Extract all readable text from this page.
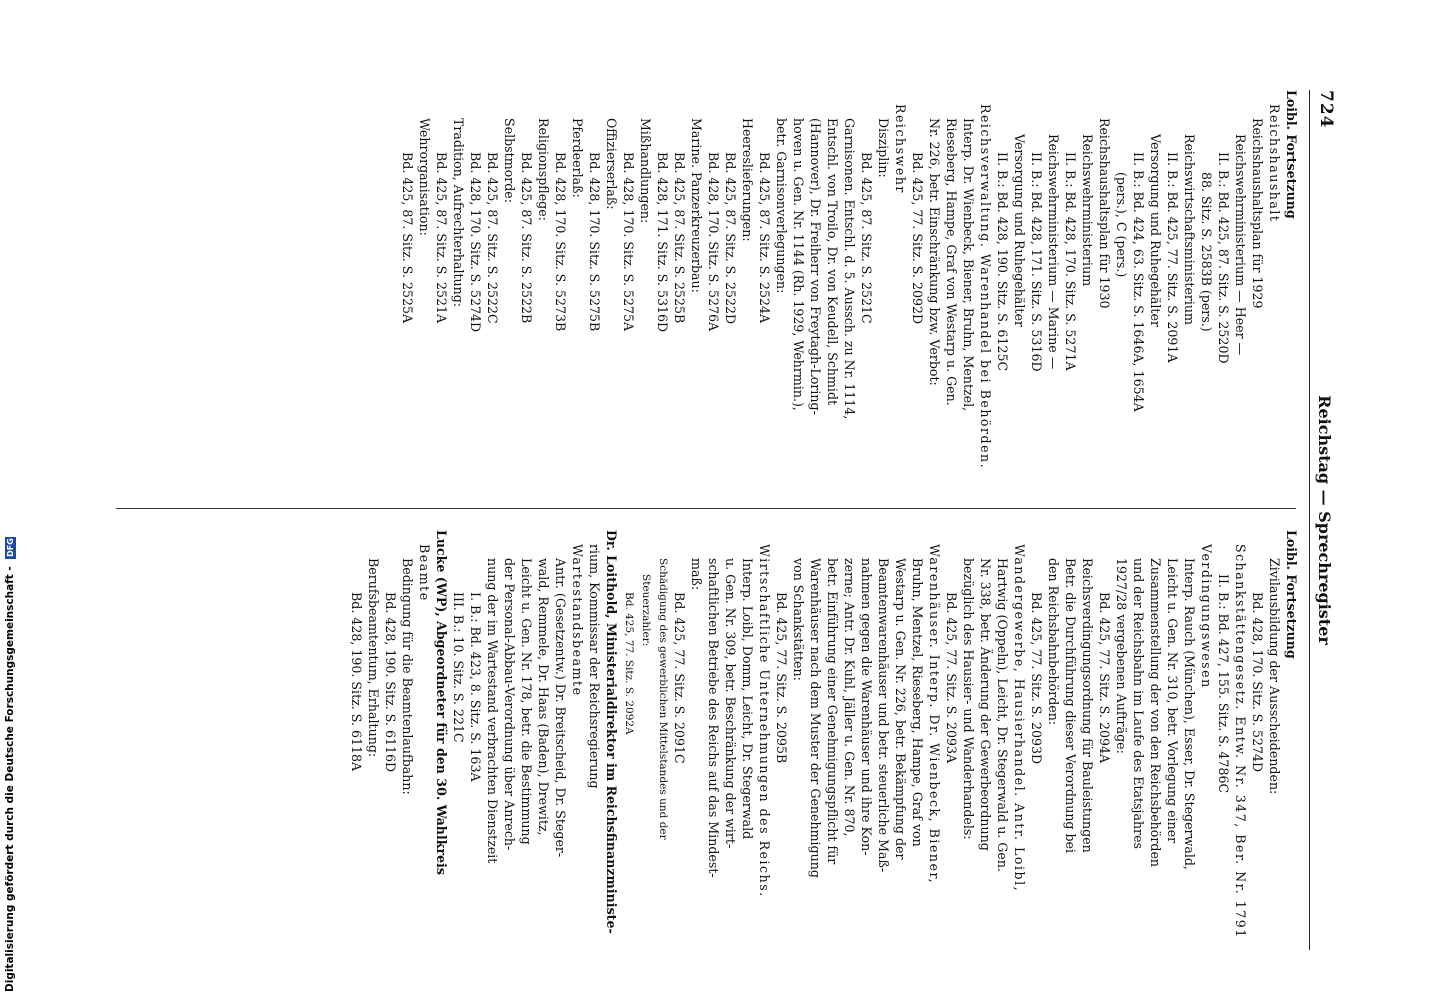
724
Reichstag — Sprechregister
Loibl. Fortsetzung
Reichshaushalt
Reichshaushaltsplan für 1929
Reichswehrministerium — Heer —
II. B.: Bd. 425, 87. Sitz. S. 2520D
88. Sitz. S. 2583B (pers.)
Reichswirtschaftsministerium
II. B.: Bd. 425, 77. Sitz. S. 2091A
Versorgung und Ruhegehälter
II. B.: Bd. 424, 63. Sitz. S. 1646A, 1654A
(pers.), C (pers.)
Reichshaushaltsplan für 1930
Reichswehrministerium
II. B.: Bd. 428, 170. Sitz. S. 5271A
Reichswehrministerium — Marine —
II. B.: Bd. 428, 171. Sitz. S. 5316D
Versorgung und Ruhegehälter
II. B.: Bd. 428, 190. Sitz. S. 6125C
Reichsverwaltung. Warenhandel bei Behörden.
Interp. Dr. Wienbeck, Biener, Bruhn, Mentzel,
Rieseberg, Hampe, Graf von Westarp u. Gen.
Nr. 226, betr. Einschränkung bzw. Verbot:
Bd. 425, 77. Sitz. S. 2092D
Reichswehr
Disziplin:
Bd. 425, 87. Sitz. S. 2521C
Garnisonen. Entschl. d. 5. Aussch. zu Nr. 1114,
Entschl. von Troilo, Dr. von Keudell, Schmidt
(Hannover), Dr. Freiherr von Freytagh-Loring-
hoven u. Gen. Nr. 1144 (Rh. 1929, Wehrmin.),
betr. Garnisonverlegungen:
Bd. 425, 87. Sitz. S. 2524A
Heereslieferungen:
Bd. 425, 87. Sitz. S. 2522D
Bd. 428, 170. Sitz. S. 5276A
Marine. Panzerkreuzerbau:
Bd. 425, 87. Sitz. S. 2525B
Bd. 428, 171. Sitz. S. 5316D
Mißhandlungen:
Bd. 428, 170. Sitz. S. 5275A
Offizierserlaß:
Bd. 428, 170. Sitz. S. 5275B
Pferdeerlaß:
Bd. 428, 170. Sitz. S. 5273B
Religionspflege:
Bd. 425, 87. Sitz. S. 2522B
Selbstmorde:
Bd. 425, 87. Sitz. S. 2522C
Bd. 428, 170. Sitz. S. 5274D
Tradition, Aufrechterhaltung:
Bd. 425, 87. Sitz. S. 2521A
Wehrorganisation:
Bd. 425, 87. Sitz. S. 2525A
Loibl. Fortsetzung
Zivilausbildung der Ausscheidenden:
Bd. 428, 170. Sitz. S. 5274D
Schankstättengesetz. Entw. Nr. 347, Ber. Nr. 1791
II. B.: Bd. 427, 155. Sitz. S. 4786C
Verdingungswesen
Interp. Rauch (München), Esser, Dr. Stegerwald,
Leicht u. Gen. Nr. 310, betr. Vorlegung einer
Zusammenstellung der von den Reichsbehörden
und der Reichsbahn im Laufe des Etatsjahres
1927/28 vergebenen Aufträge:
Bd. 425, 77. Sitz. S. 2094A
Reichsverdingungsordnung für Bauleistungen
Betr. die Durchführung dieser Verordnung bei
den Reichsbahnbehörden:
Bd. 425, 77. Sitz. S. 2093D
Wandergewerbe, Hausierhandel. Antr. Loibl,
Hartwig (Oppeln), Leicht, Dr. Stegerwald u. Gen.
Nr. 338, betr. Änderung der Gewerbeordnung
bezüglich des Hausier- und Wanderhandels:
Bd. 425, 77. Sitz. S. 2093A
Warenhäuser. Interp. Dr. Wienbeck, Biener,
Bruhn, Mentzel, Rieseberg, Hampe, Graf von
Westarp u. Gen. Nr. 226, betr. Bekämpfung der
Beamtenwarenhäuser und betr. steuerliche Maß-
nahmen gegen die Warenhäuser und ihre Kon-
zerne; Antr. Dr. Kuhl, Jäller u. Gen. Nr. 870,
betr. Einführung einer Genehmigungspflicht für
Warenhäuser nach dem Muster der Genehmigung
von Schankstätten:
Bd. 425, 77. Sitz. S. 2095B
Wirtschaftliche Unternehmungen des Reichs.
Interp. Loibl, Domm, Leicht, Dr. Stegerwald
u. Gen. Nr. 309, betr. Beschränkung der wirt-
schaftlichen Betriebe des Reichs auf das Mindest-
maß:
Bd. 425, 77. Sitz. S. 2091C
Schädigung des gewerblichen Mittelstandes und der
Steuerzahler:
Bd. 425, 77. Sitz. S. 2092A
Dr. Loithold, Ministerialdirektor im Reichsfinanzministe-
rium, Kommissar der Reichsregierung
Wartestandsbeamte
Antr. (Gesetzentw.) Dr. Breitscheid, Dr. Steger-
wald, Remmele, Dr. Haas (Baden), Drewitz,
Leicht u. Gen. Nr. 178, betr. die Bestimmung
der Personal-Abbau-Verordnung über Anrech-
nung der im Wartestand verbrachten Dienstzeit
I. B.: Bd. 423, 8. Sitz. S. 163A
III. B.: 10. Sitz. S. 221C
Lucke (WP), Abgeordneter für den 30. Wahlkreis
Beamte
Bedingung für die Beamtenlaufbahn:
Bd. 428, 190. Sitz. S. 6116D
Berufsbeamtentum, Erhaltung:
Bd. 428, 190. Sitz. S. 6118A
Digitalisierung gefördert durch die Deutsche Forschungsgemeinschaft - DFG
